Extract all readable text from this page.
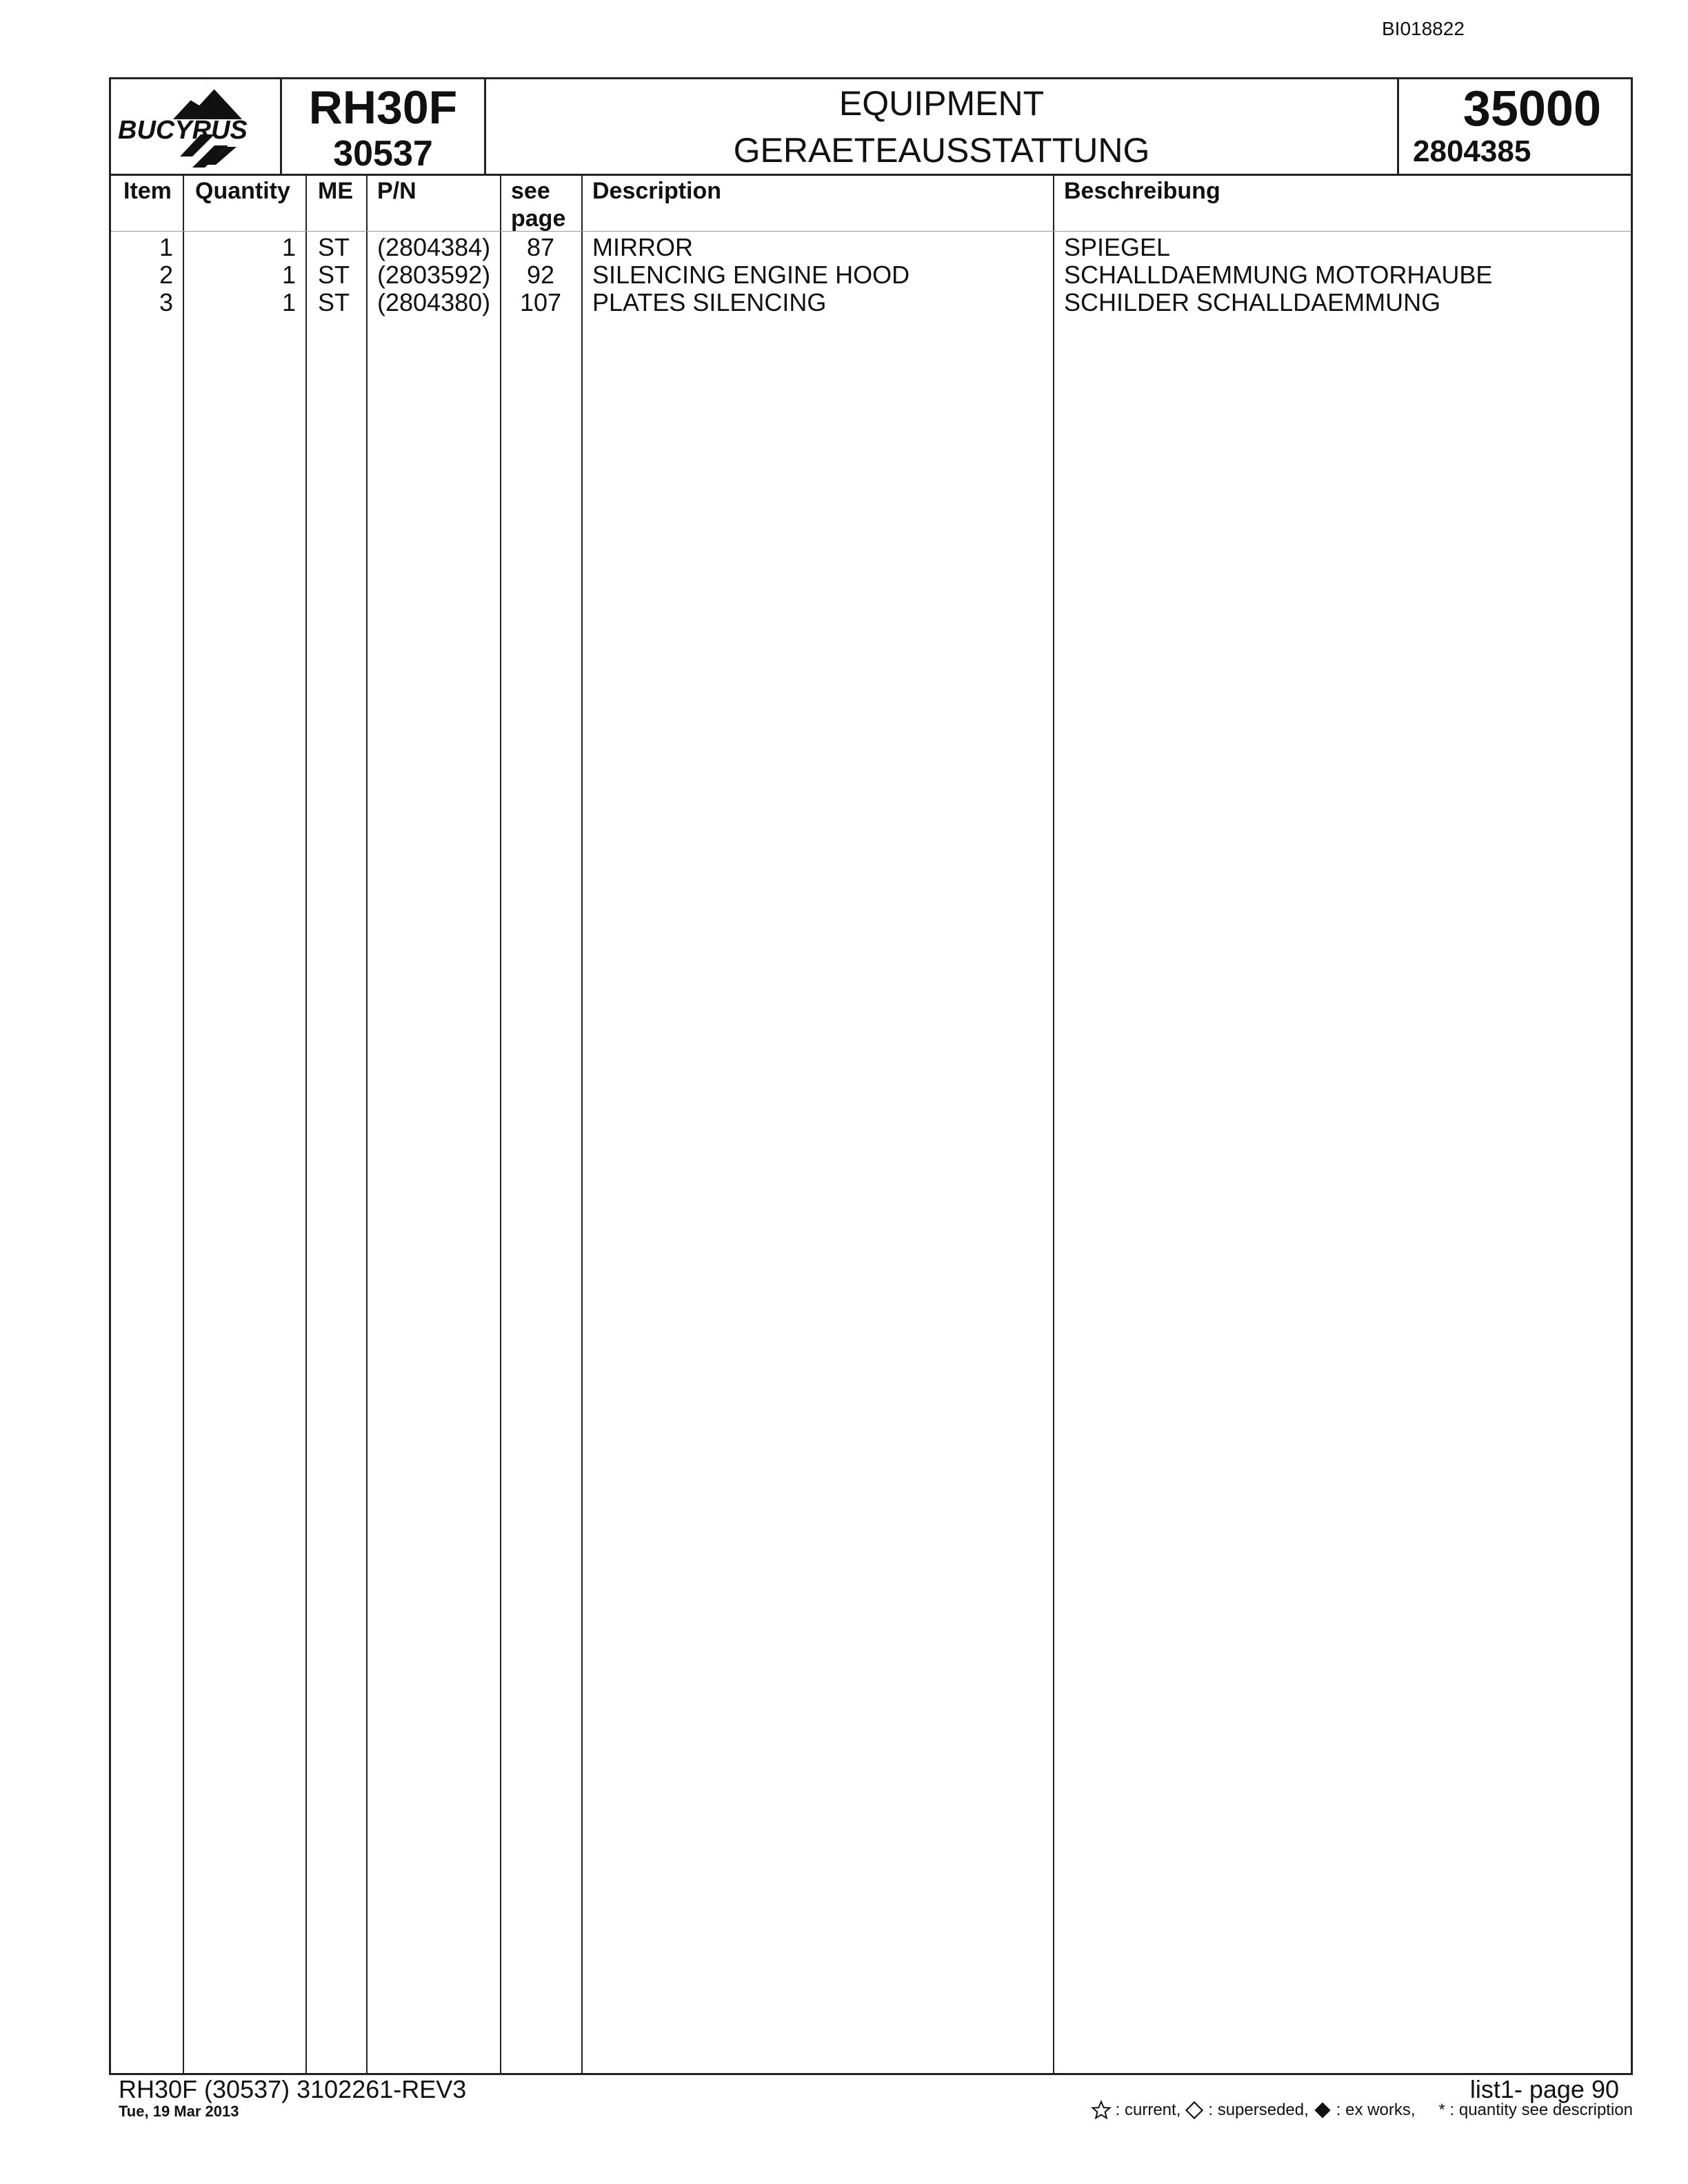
BI018822
BUCYRUS	RH30F
30537
EQUIPMENT
GERAETEAUSSTATTUNG
35000
2804385
Item Quantity ME P/N	see
page
Description	Beschreibung
1	1 ST (2804384)	87	MIRROR	SPIEGEL
2	1 ST (2803592)	92	SILENCING ENGINE HOOD	SCHALLDAEMMUNG MOTORHAUBE
3	1 ST (2804380)	107	PLATES SILENCING	SCHILDER SCHALLDAEMMUNG
RH30F (30537) 3102261-REV3
Tue, 19 Mar 2013
list1- page 90
: current, : superseded, : ex works, * : quantity see description
